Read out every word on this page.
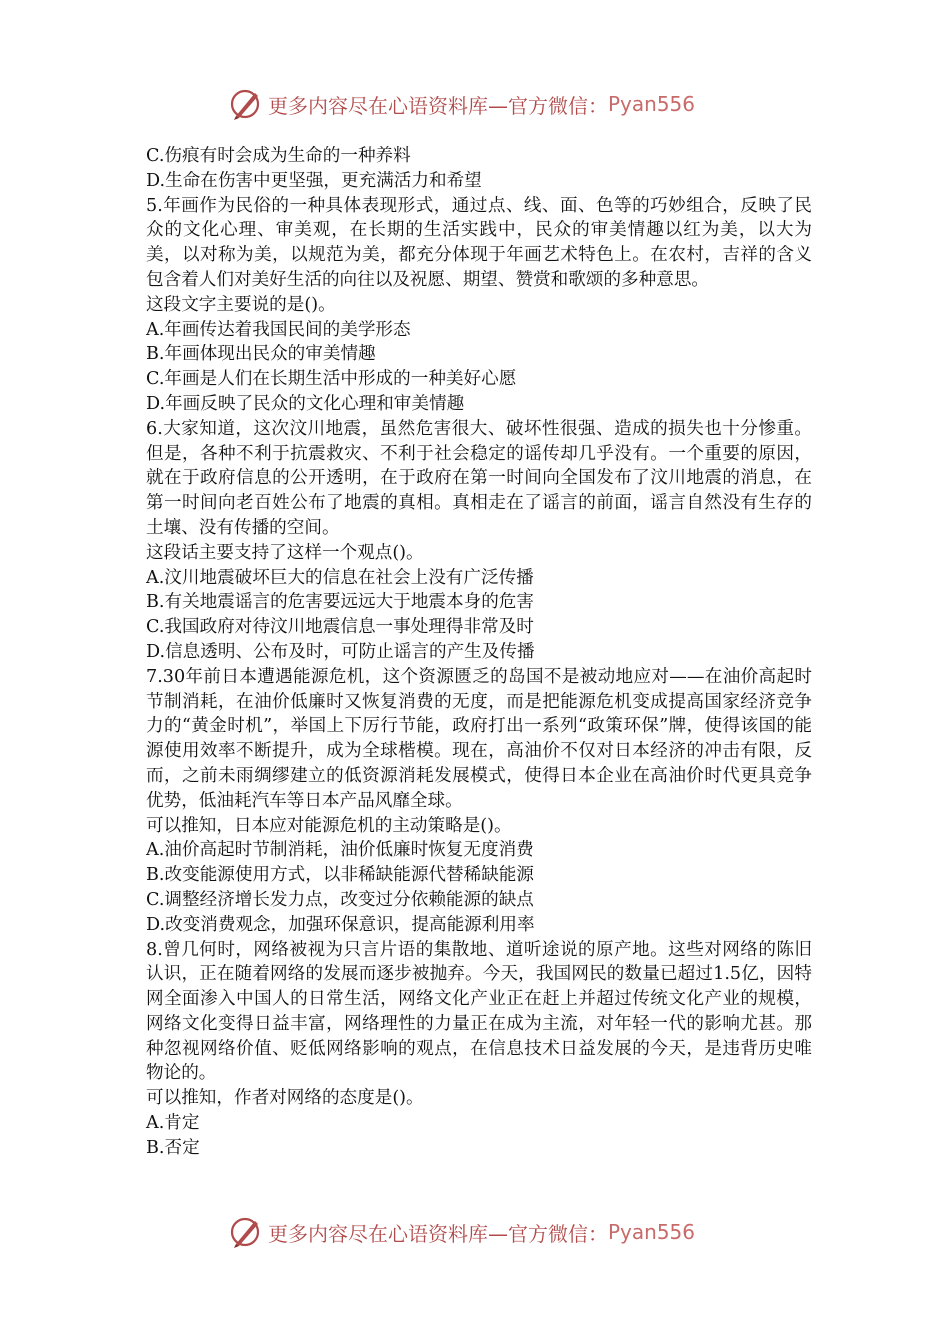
更多内容尽在心语资料库—官方微信： Pyan556

C.伤痕有时会成为生命的一种养料

D.生命在伤害中更坚强，更充满活力和希望

5.年画作为民俗的一种具体表现形式，通过点、线、面、色等的巧妙组合，反映了民众的文化心理、审美观，在长期的生活实践中，民众的审美情趣以红为美，以大为美，以对称为美，以规范为美，都充分体现于年画艺术特色上。在农村，吉祥的含义包含着人们对美好生活的向往以及祝愿、期望、赞赏和歌颂的多种意思。

这段文字主要说的是()。

A.年画传达着我国民间的美学形态

B.年画体现出民众的审美情趣

C.年画是人们在长期生活中形成的一种美好心愿

D.年画反映了民众的文化心理和审美情趣

6.大家知道，这次汶川地震，虽然危害很大、破坏性很强、造成的损失也十分惨重。但是，各种不利于抗震救灾、不利于社会稳定的谣传却几乎没有。一个重要的原因，就在于政府信息的公开透明，在于政府在第一时间向全国发布了汶川地震的消息，在第一时间向老百姓公布了地震的真相。真相走在了谣言的前面，谣言自然没有生存的土壤、没有传播的空间。

这段话主要支持了这样一个观点()。

A.汶川地震破坏巨大的信息在社会上没有广泛传播

B.有关地震谣言的危害要远远大于地震本身的危害

C.我国政府对待汶川地震信息一事处理得非常及时

D.信息透明、公布及时，可防止谣言的产生及传播

7.30年前日本遭遇能源危机，这个资源匮乏的岛国不是被动地应对——在油价高起时节制消耗，在油价低廉时又恢复消费的无度，而是把能源危机变成提高国家经济竞争力的“黄金时机”，举国上下厉行节能，政府打出一系列“政策环保”牌，使得该国的能源使用效率不断提升，成为全球楷模。现在，高油价不仅对日本经济的冲击有限，反而，之前未雨绸缪建立的低资源消耗发展模式，使得日本企业在高油价时代更具竞争优势，低油耗汽车等日本产品风靡全球。

可以推知，日本应对能源危机的主动策略是()。

A.油价高起时节制消耗，油价低廉时恢复无度消费

B.改变能源使用方式，以非稀缺能源代替稀缺能源

C.调整经济增长发力点，改变过分依赖能源的缺点

D.改变消费观念，加强环保意识，提高能源利用率

8.曾几何时，网络被视为只言片语的集散地、道听途说的原产地。这些对网络的陈旧认识，正在随着网络的发展而逐步被抛弃。今天，我国网民的数量已超过1.5亿，因特网全面渗入中国人的日常生活，网络文化产业正在赶上并超过传统文化产业的规模，网络文化变得日益丰富，网络理性的力量正在成为主流，对年轻一代的影响尤甚。那种忽视网络价值、贬低网络影响的观点，在信息技术日益发展的今天，是违背历史唯物论的。

可以推知，作者对网络的态度是()。

A.肯定

B.否定

更多内容尽在心语资料库—官方微信： Pyan556
